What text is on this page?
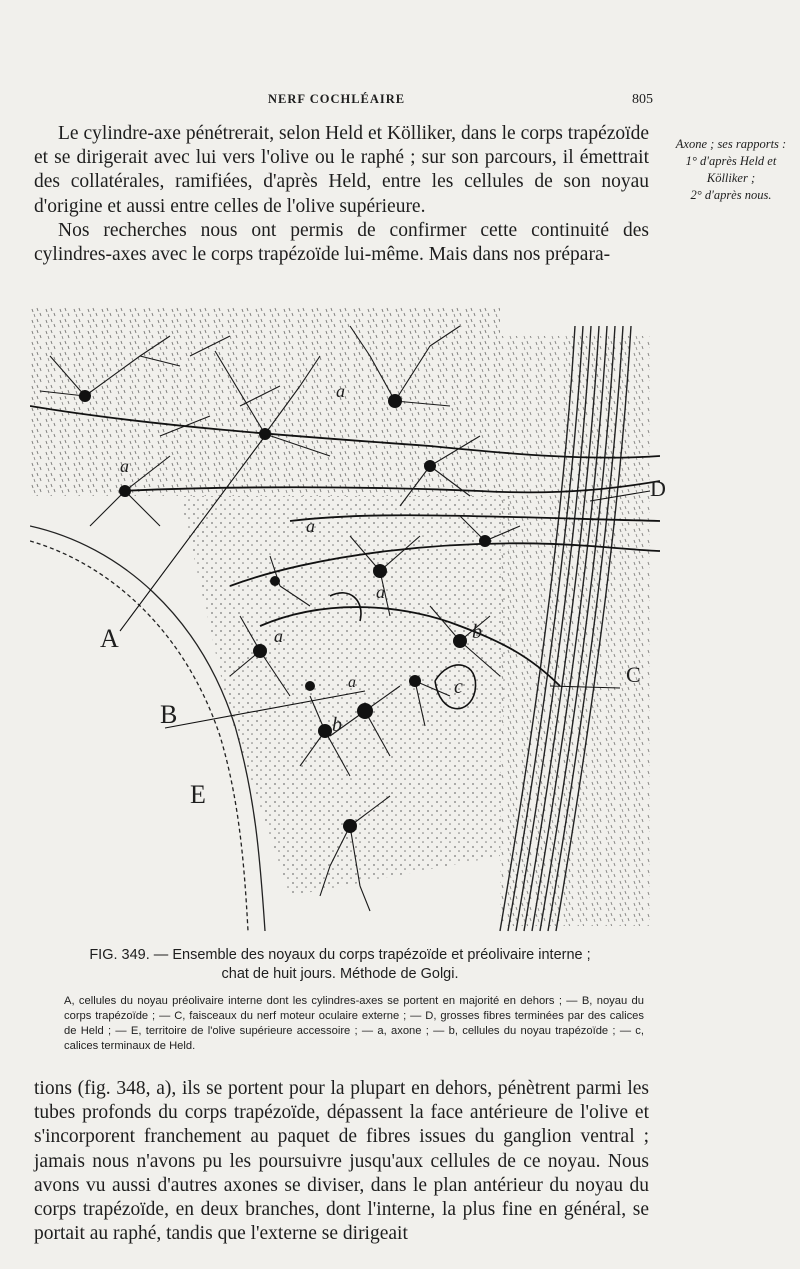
NERF COCHLÉAIRE	805

Le cylindre-axe pénétrerait, selon Held et Kölliker, dans le corps trapézoïde et se dirigerait avec lui vers l'olive ou le raphé ; sur son parcours, il émettrait des collatérales, ramifiées, d'après Held, entre les cellules de son noyau d'origine et aussi entre celles de l'olive supérieure.

Nos recherches nous ont permis de confirmer cette continuité des cylindres-axes avec le corps trapézoïde lui-même. Mais dans nos prépara-

Axone ; ses rapports :
1° d'après Held et Kölliker ;
2° d'après nous.
A
B
C
D
E
a
a
a
a
a
a
b
b
c
FIG. 349. — Ensemble des noyaux du corps trapézoïde et préolivaire interne ;
chat de huit jours. Méthode de Golgi.
A, cellules du noyau préolivaire interne dont les cylindres-axes se portent en majorité en dehors ; — B, noyau du corps trapézoïde ; — C, faisceaux du nerf moteur oculaire externe ; — D, grosses fibres terminées par des calices de Held ; — E, territoire de l'olive supérieure accessoire ; — a, axone ; — b, cellules du noyau trapézoïde ; — c, calices terminaux de Held.

tions (fig. 348, a), ils se portent pour la plupart en dehors, pénètrent parmi les tubes profonds du corps trapézoïde, dépassent la face antérieure de l'olive et s'incorporent franchement au paquet de fibres issues du ganglion ventral ; jamais nous n'avons pu les poursuivre jusqu'aux cellules de ce noyau. Nous avons vu aussi d'autres axones se diviser, dans le plan antérieur du noyau du corps trapézoïde, en deux branches, dont l'interne, la plus fine en général, se portait au raphé, tandis que l'externe se dirigeait
